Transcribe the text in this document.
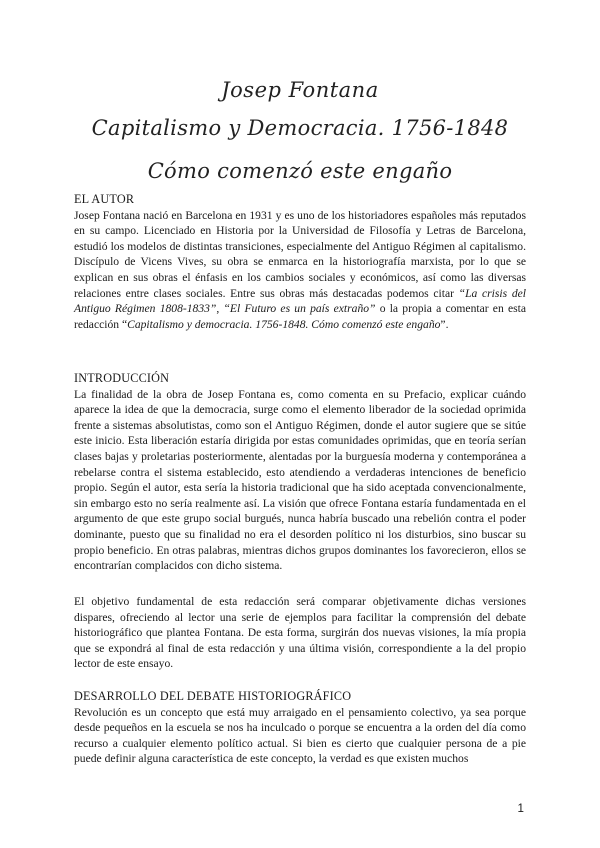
Josep Fontana
Capitalismo y Democracia. 1756-1848
Cómo comenzó este engaño
EL AUTOR

Josep Fontana nació en Barcelona en 1931 y es uno de los historiadores españoles más reputados en su campo. Licenciado en Historia por la Universidad de Filosofía y Letras de Barcelona, estudió los modelos de distintas transiciones, especialmente del Antiguo Régimen al capitalismo. Discípulo de Vicens Vives, su obra se enmarca en la historiografía marxista, por lo que se explican en sus obras el énfasis en los cambios sociales y económicos, así como las diversas relaciones entre clases sociales. Entre sus obras más destacadas podemos citar “La crisis del Antiguo Régimen 1808-1833”, “El Futuro es un país extraño” o la propia a comentar en esta redacción “Capitalismo y democracia. 1756-1848. Cómo comenzó este engaño”.

INTRODUCCIÓN

La finalidad de la obra de Josep Fontana es, como comenta en su Prefacio, explicar cuándo aparece la idea de que la democracia, surge como el elemento liberador de la sociedad oprimida frente a sistemas absolutistas, como son el Antiguo Régimen, donde el autor sugiere que se sitúe este inicio. Esta liberación estaría dirigida por estas comunidades oprimidas, que en teoría serían clases bajas y proletarias posteriormente, alentadas por la burguesía moderna y contemporánea a rebelarse contra el sistema establecido, esto atendiendo a verdaderas intenciones de beneficio propio. Según el autor, esta sería la historia tradicional que ha sido aceptada convencionalmente, sin embargo esto no sería realmente así. La visión que ofrece Fontana estaría fundamentada en el argumento de que este grupo social burgués, nunca habría buscado una rebelión contra el poder dominante, puesto que su finalidad no era el desorden político ni los disturbios, sino buscar su propio beneficio. En otras palabras, mientras dichos grupos dominantes los favorecieron, ellos se encontrarían complacidos con dicho sistema.

El objetivo fundamental de esta redacción será comparar objetivamente dichas versiones dispares, ofreciendo al lector una serie de ejemplos para facilitar la comprensión del debate historiográfico que plantea Fontana. De esta forma, surgirán dos nuevas visiones, la mía propia que se expondrá al final de esta redacción y una última visión, correspondiente a la del propio lector de este ensayo.

DESARROLLO DEL DEBATE HISTORIOGRÁFICO

Revolución es un concepto que está muy arraigado en el pensamiento colectivo, ya sea porque desde pequeños en la escuela se nos ha inculcado o porque se encuentra a la orden del día como recurso a cualquier elemento político actual. Si bien es cierto que cualquier persona de a pie puede definir alguna característica de este concepto, la verdad es que existen muchos

1
